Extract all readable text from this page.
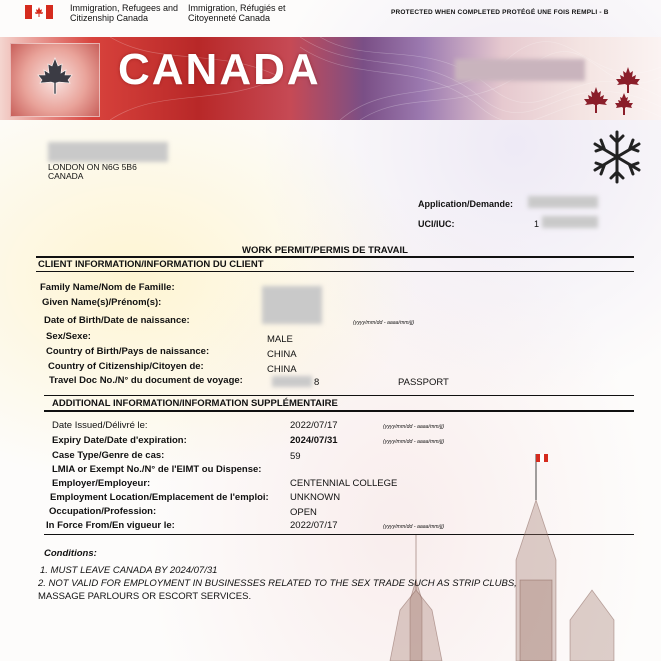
Immigration, Refugees and
Citizenship Canada
Immigration, Réfugiés et
Citoyenneté Canada
PROTECTED WHEN COMPLETED PROTÉGÉ UNE FOIS REMPLI - B
CANADA
LONDON ON N6G 5B6
CANADA
Application/Demande:
UCI/IUC:	1
WORK PERMIT/PERMIS DE TRAVAIL
CLIENT INFORMATION/INFORMATION DU CLIENT
Family Name/Nom de Famille:
Given Name(s)/Prénom(s):
Date of Birth/Date de naissance:	(yyyy/mm/dd - aaaa/mm/jj)
Sex/Sexe:	MALE
Country of Birth/Pays de naissance:	CHINA
Country of Citizenship/Citoyen de:	CHINA
Travel Doc No./N° du document de voyage:	8	PASSPORT
ADDITIONAL INFORMATION/INFORMATION SUPPLÉMENTAIRE
Date Issued/Délivré le:	2022/07/17	(yyyy/mm/dd - aaaa/mm/jj)
Expiry Date/Date d'expiration:	2024/07/31	(yyyy/mm/dd - aaaa/mm/jj)
Case Type/Genre de cas:	59
LMIA or Exempt No./N° de l'EIMT ou Dispense:
Employer/Employeur:	CENTENNIAL COLLEGE
Employment Location/Emplacement de l'emploi: UNKNOWN
Occupation/Profession:	OPEN
In Force From/En vigueur le:	2022/07/17	(yyyy/mm/dd - aaaa/mm/jj)
Conditions:
1. MUST LEAVE CANADA BY 2024/07/31
2. NOT VALID FOR EMPLOYMENT IN BUSINESSES RELATED TO THE SEX TRADE SUCH AS STRIP CLUBS,
MASSAGE PARLOURS OR ESCORT SERVICES.
